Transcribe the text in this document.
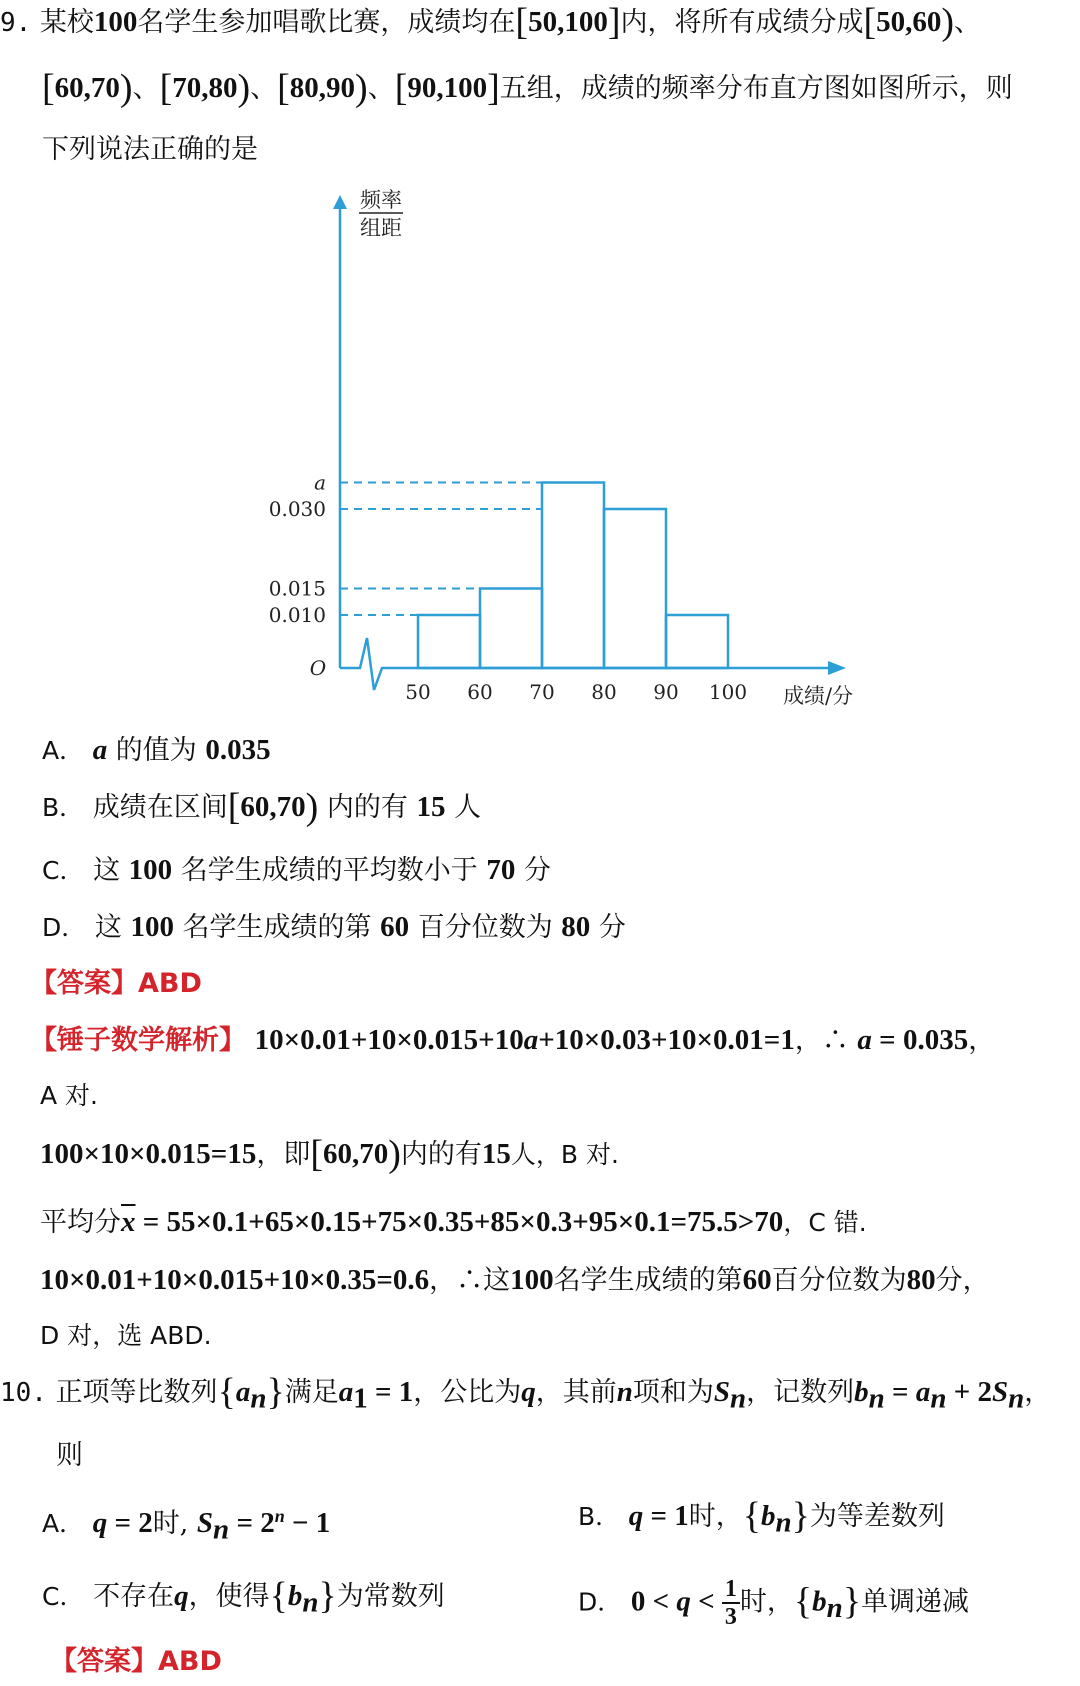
9. 某校100名学生参加唱歌比赛，成绩均在[50,100]内，将所有成绩分成[50,60)、
[60,70)、[70,80)、[80,90)、[90,100]五组，成绩的频率分布直方图如图所示，则
下列说法正确的是
0.010
0.015
0.030
a
50 60 70 80 90 100
O
成绩/分
频率
组距
A． a 的值为 0.035
B． 成绩在区间[60,70) 内的有 15 人
C． 这 100 名学生成绩的平均数小于 70 分
D． 这 100 名学生成绩的第 60 百分位数为 80 分
【答案】ABD
【锤子数学解析】 10×0.01+10×0.015+10a+10×0.03+10×0.01=1，∴ a = 0.035，
A 对.
100×10×0.015=15，即[60,70)内的有15人，B 对.
平均分$\overline{x} = 55\times 0.1+65\times 0.15+75\times 0.35+85\times 0.3+95\times 0.1=75.5>70$，C 错.
10×0.01+10×0.015+10×0.35=0.6，∴这100名学生成绩的第60百分位数为80分，
D 对，选 ABD.
10. 正项等比数列$\{a_n\}$满足$a_1 = 1$，公比为q，其前n项和为$S_n$，记数列$b_n = a_n + 2S_n$，
则
A． q = 2时, $S_n = 2^n - 1$	B． q = 1时，$\{b_n\}$为等差数列
C． 不存在q，使得$\{b_n\}$为常数列	D． $0 < q < \frac{1}{3}$ 时，$\{b_n\}$单调递减
【答案】ABD
